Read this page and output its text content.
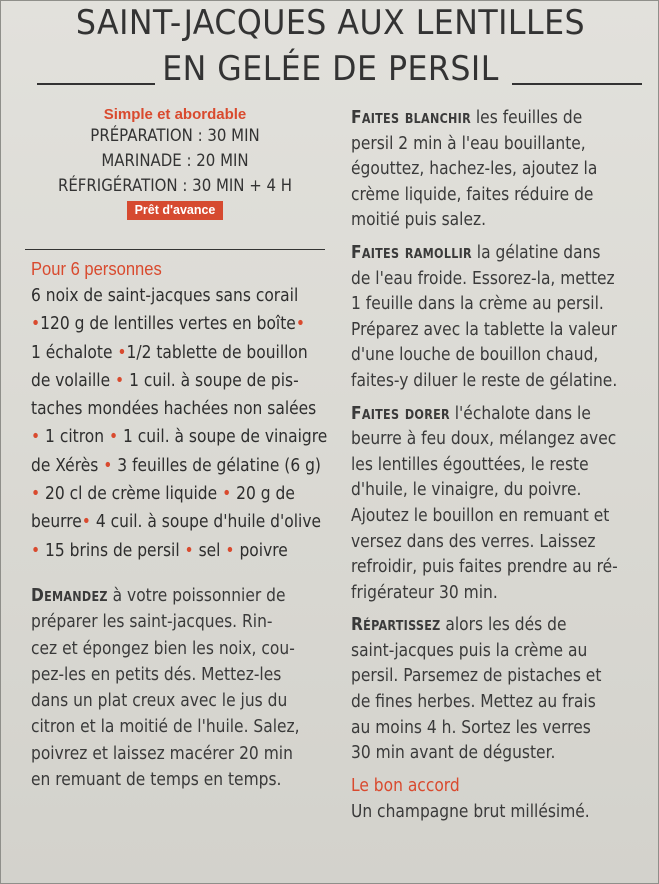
SAINT-JACQUES AUX LENTILLES
EN GELÉE DE PERSIL

Simple et abordable

PRÉPARATION : 30 MIN

MARINADE : 20 MIN

RÉFRIGÉRATION : 30 MIN + 4 H

Prêt d'avance
Pour 6 personnes

6 noix de saint-jacques sans corail

•120 g de lentilles vertes en boîte•

1 échalote •1/2 tablette de bouillon

de volaille • 1 cuil. à soupe de pis-

taches mondées hachées non salées

• 1 citron • 1 cuil. à soupe de vinaigre

de Xérès • 3 feuilles de gélatine (6 g)

• 20 cl de crème liquide • 20 g de

beurre• 4 cuil. à soupe d'huile d'olive

• 15 brins de persil • sel • poivre

Demandez à votre poissonnier de

préparer les saint-jacques. Rin-

cez et épongez bien les noix, cou-

pez-les en petits dés. Mettez-les

dans un plat creux avec le jus du

citron et la moitié de l'huile. Salez,

poivrez et laissez macérer 20 min

en remuant de temps en temps.

Faites blanchir les feuilles de

persil 2 min à l'eau bouillante,

égouttez, hachez-les, ajoutez la

crème liquide, faites réduire de

moitié puis salez.

Faites ramollir la gélatine dans

de l'eau froide. Essorez-la, mettez

1 feuille dans la crème au persil.

Préparez avec la tablette la valeur

d'une louche de bouillon chaud,

faites-y diluer le reste de gélatine.

Faites dorer l'échalote dans le

beurre à feu doux, mélangez avec

les lentilles égouttées, le reste

d'huile, le vinaigre, du poivre.

Ajoutez le bouillon en remuant et

versez dans des verres. Laissez

refroidir, puis faites prendre au ré-

frigérateur 30 min.

Répartissez alors les dés de

saint-jacques puis la crème au

persil. Parsemez de pistaches et

de fines herbes. Mettez au frais

au moins 4 h. Sortez les verres

30 min avant de déguster.

Le bon accord

Un champagne brut millésimé.
